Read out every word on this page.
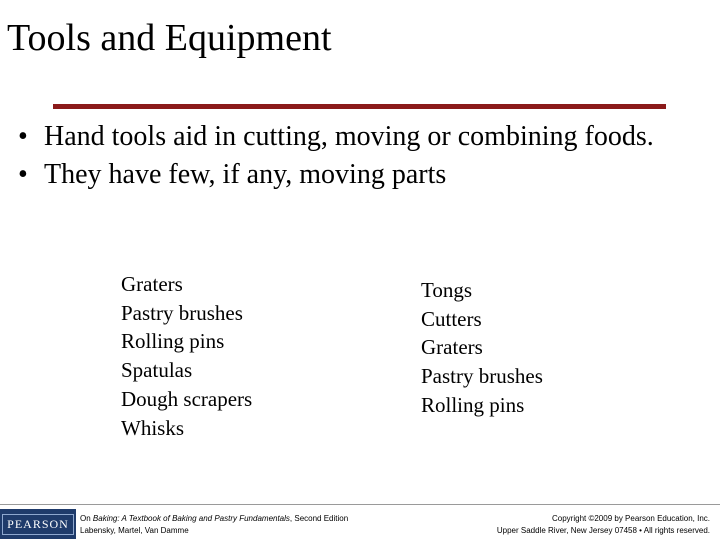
Tools and Equipment
• Hand tools aid in cutting, moving or combining foods.
• They have few, if any, moving parts
Graters
Pastry brushes
Rolling pins
Spatulas
Dough scrapers
Whisks
Tongs
Cutters
Graters
Pastry brushes
Rolling pins
PEARSON	On Baking: A Textbook of Baking and Pastry Fundamentals, Second Edition
Labensky, Martel, Van Damme
Copyright ©2009 by Pearson Education, Inc.
Upper Saddle River, New Jersey 07458 • All rights reserved.
